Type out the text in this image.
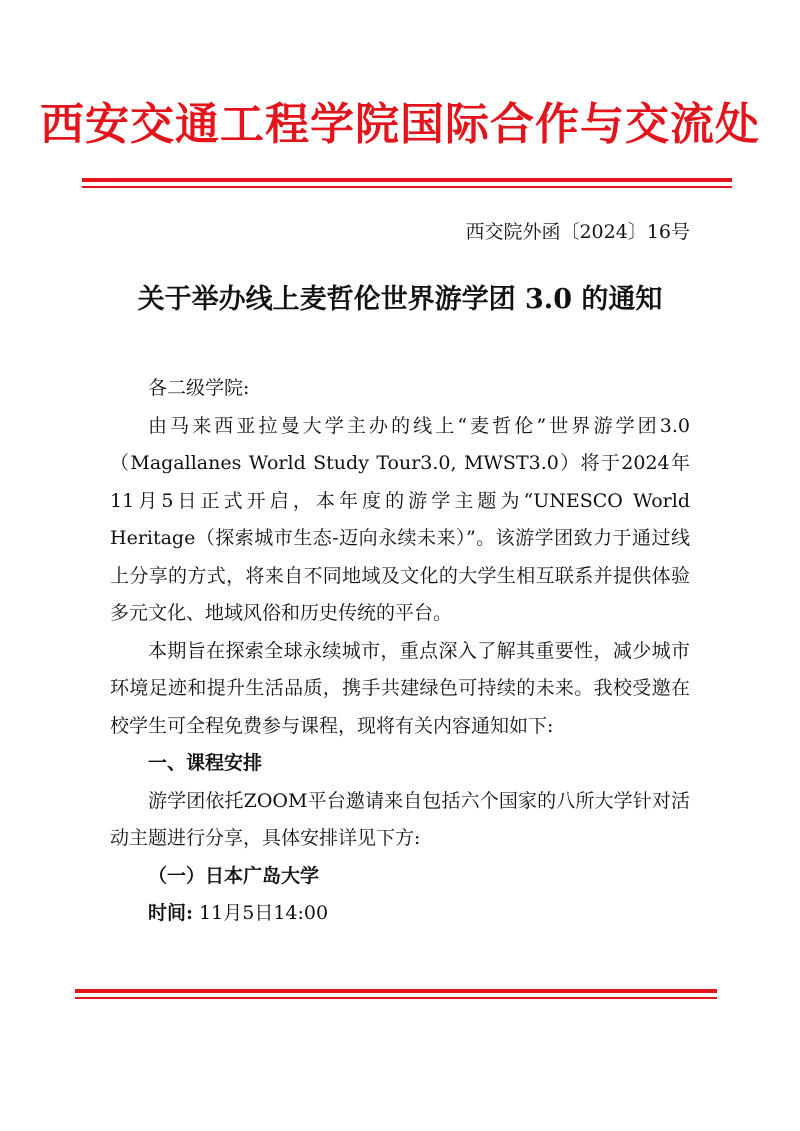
西安交通工程学院国际合作与交流处
西交院外函〔2024〕16号
关于举办线上麦哲伦世界游学团 3.0 的通知

各二级学院:

由马来西亚拉曼大学主办的线上“麦哲伦”世界游学团3.0（Magallanes World Study Tour3.0, MWST3.0）将于2024年11月5日正式开启，本年度的游学主题为“UNESCO World Heritage（探索城市生态-迈向永续未来）”。该游学团致力于通过线上分享的方式，将来自不同地域及文化的大学生相互联系并提供体验多元文化、地域风俗和历史传统的平台。

本期旨在探索全球永续城市，重点深入了解其重要性，减少城市环境足迹和提升生活品质，携手共建绿色可持续的未来。我校受邀在校学生可全程免费参与课程，现将有关内容通知如下:

一、课程安排

游学团依托ZOOM平台邀请来自包括六个国家的八所大学针对活动主题进行分享，具体安排详见下方:

（一）日本广岛大学

时间: 11月5日14:00
